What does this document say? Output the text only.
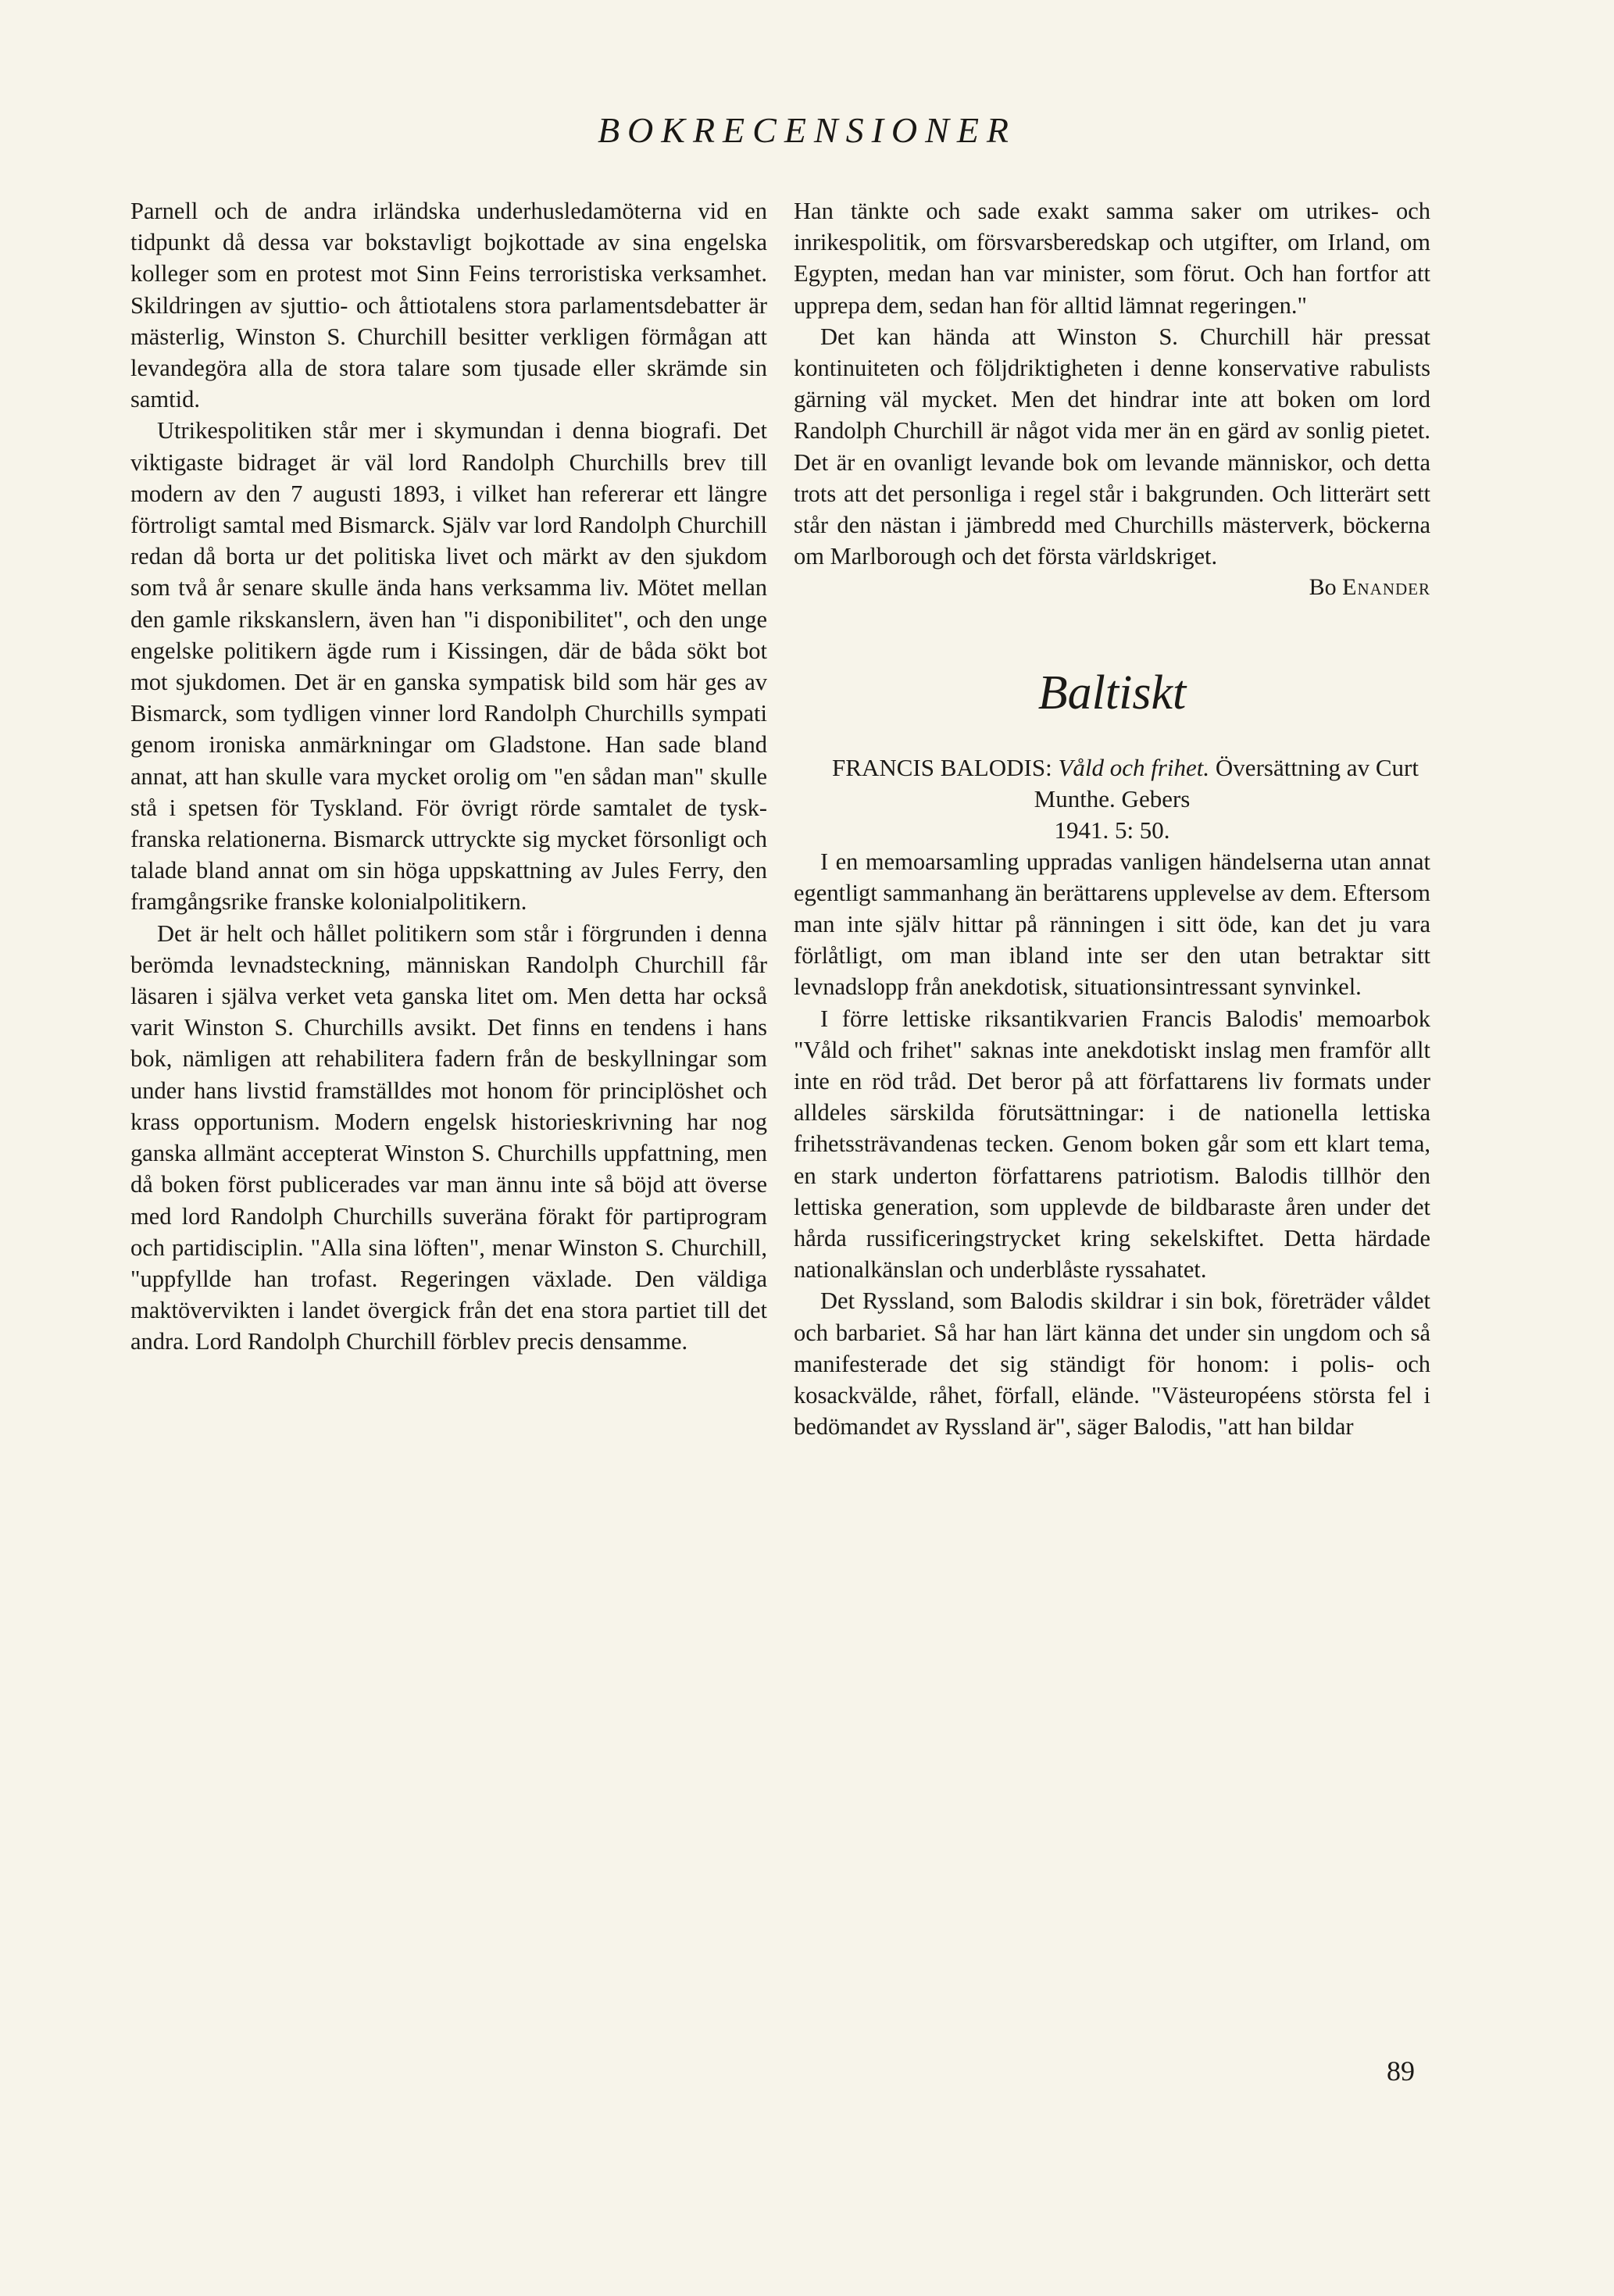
BOKRECENSIONER

Parnell och de andra irländska underhusledamöterna vid en tidpunkt då dessa var bokstavligt bojkottade av sina engelska kolleger som en protest mot Sinn Feins terroristiska verksamhet. Skildringen av sjuttio- och åttiotalens stora parlamentsdebatter är mästerlig, Winston S. Churchill besitter verkligen förmågan att levandegöra alla de stora talare som tjusade eller skrämde sin samtid.

Utrikespolitiken står mer i skymundan i denna biografi. Det viktigaste bidraget är väl lord Randolph Churchills brev till modern av den 7 augusti 1893, i vilket han refererar ett längre förtroligt samtal med Bismarck. Själv var lord Randolph Churchill redan då borta ur det politiska livet och märkt av den sjukdom som två år senare skulle ända hans verksamma liv. Mötet mellan den gamle rikskanslern, även han "i disponibilitet", och den unge engelske politikern ägde rum i Kissingen, där de båda sökt bot mot sjukdomen. Det är en ganska sympatisk bild som här ges av Bismarck, som tydligen vinner lord Randolph Churchills sympati genom ironiska anmärkningar om Gladstone. Han sade bland annat, att han skulle vara mycket orolig om "en sådan man" skulle stå i spetsen för Tyskland. För övrigt rörde samtalet de tysk-franska relationerna. Bismarck uttryckte sig mycket försonligt och talade bland annat om sin höga uppskattning av Jules Ferry, den framgångsrike franske kolonialpolitikern.

Det är helt och hållet politikern som står i förgrunden i denna berömda levnadsteckning, människan Randolph Churchill får läsaren i själva verket veta ganska litet om. Men detta har också varit Winston S. Churchills avsikt. Det finns en tendens i hans bok, nämligen att rehabilitera fadern från de beskyllningar som under hans livstid framställdes mot honom för principlöshet och krass opportunism. Modern engelsk historieskrivning har nog ganska allmänt accepterat Winston S. Churchills uppfattning, men då boken först publicerades var man ännu inte så böjd att överse med lord Randolph Churchills suveräna förakt för partiprogram och partidisciplin. "Alla sina löften", menar Winston S. Churchill, "uppfyllde han trofast. Regeringen växlade. Den väldiga maktövervikten i landet övergick från det ena stora partiet till det andra. Lord Randolph Churchill förblev precis densamme.

Han tänkte och sade exakt samma saker om utrikes- och inrikespolitik, om försvarsberedskap och utgifter, om Irland, om Egypten, medan han var minister, som förut. Och han fortfor att upprepa dem, sedan han för alltid lämnat regeringen."

Det kan hända att Winston S. Churchill här pressat kontinuiteten och följdriktigheten i denne konservative rabulists gärning väl mycket. Men det hindrar inte att boken om lord Randolph Churchill är något vida mer än en gärd av sonlig pietet. Det är en ovanligt levande bok om levande människor, och detta trots att det personliga i regel står i bakgrunden. Och litterärt sett står den nästan i jämbredd med Churchills mästerverk, böckerna om Marlborough och det första världskriget.

Bo Enander

Baltiskt

FRANCIS BALODIS: Våld och frihet. Översättning av Curt Munthe. Gebers
1941. 5: 50.

I en memoarsamling uppradas vanligen händelserna utan annat egentligt sammanhang än berättarens upplevelse av dem. Eftersom man inte själv hittar på ränningen i sitt öde, kan det ju vara förlåtligt, om man ibland inte ser den utan betraktar sitt levnadslopp från anekdotisk, situationsintressant synvinkel.

I förre lettiske riksantikvarien Francis Balodis' memoarbok "Våld och frihet" saknas inte anekdotiskt inslag men framför allt inte en röd tråd. Det beror på att författarens liv formats under alldeles särskilda förutsättningar: i de nationella lettiska frihetssträvandenas tecken. Genom boken går som ett klart tema, en stark underton författarens patriotism. Balodis tillhör den lettiska generation, som upplevde de bildbaraste åren under det hårda russificeringstrycket kring sekelskiftet. Detta härdade nationalkänslan och underblåste ryssahatet.

Det Ryssland, som Balodis skildrar i sin bok, företräder våldet och barbariet. Så har han lärt känna det under sin ungdom och så manifesterade det sig ständigt för honom: i polis- och kosackvälde, råhet, förfall, elände. "Västeuropéens största fel i bedömandet av Ryssland är", säger Balodis, "att han bildar

89
